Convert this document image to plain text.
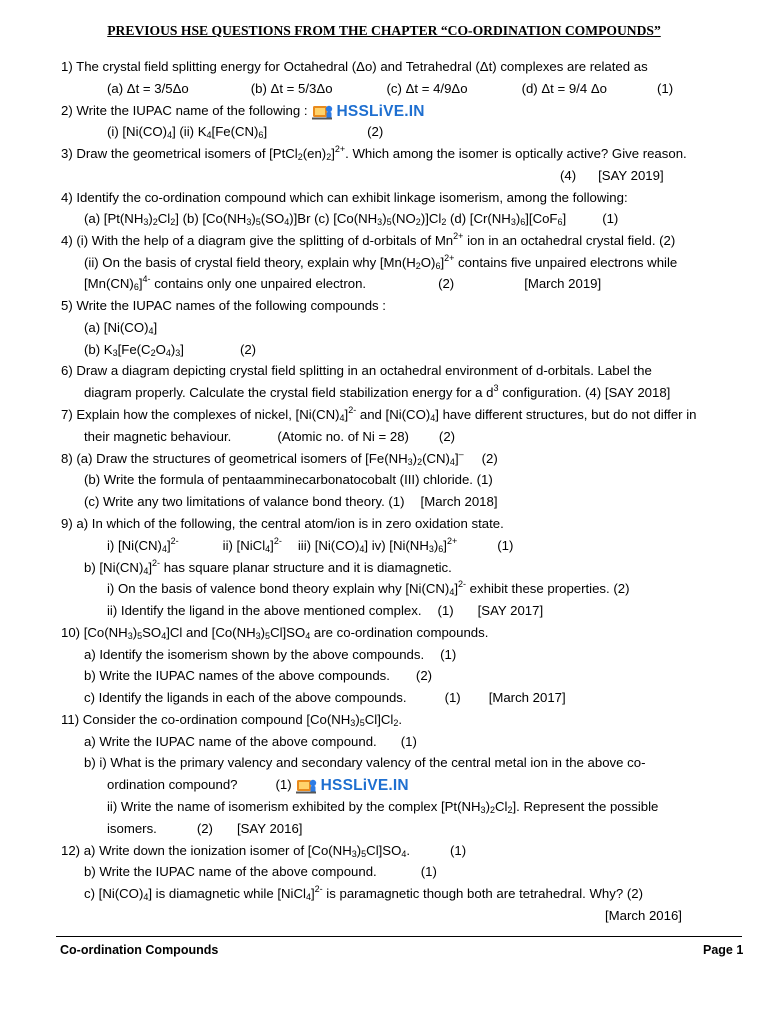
PREVIOUS HSE QUESTIONS FROM THE CHAPTER “CO-ORDINATION COMPOUNDS”
1) The crystal field splitting energy for Octahedral (Δo) and Tetrahedral (Δt) complexes are related as
(a) Δt = 3/5Δo	(b) Δt = 5/3Δo	(c) Δt = 4/9Δo	(d) Δt = 9/4 Δo	(1)
2) Write the IUPAC name of the following : HSSLiVE.IN
(i) $[Ni(CO)_4]$ (ii) $K_4[Fe(CN)_6]$	(2)
3) Draw the geometrical isomers of $[PtCl_2(en)_2]^{2+}$. Which among the isomer is optically active? Give reason.
(4) [SAY 2019]
4) Identify the co-ordination compound which can exhibit linkage isomerism, among the following:
(a) $[Pt(NH_3)_2Cl_2]$ (b) $[Co(NH_3)_5(SO_4)]Br$ (c) $[Co(NH_3)_5(NO_2)]Cl_2$ (d) $[Cr(NH_3)_6][CoF_6]$	(1)
4) (i) With the help of a diagram give the splitting of d-orbitals of $Mn^{2+}$ ion in an octahedral crystal field. (2)
(ii) On the basis of crystal field theory, explain why $[Mn(H_2O)_6]^{2+}$ contains five unpaired electrons while
$[Mn(CN)_6]^{4-}$ contains only one unpaired electron.	(2)	[March 2019]
5) Write the IUPAC names of the following compounds :
(a) $[Ni(CO)_4]$
(b) $K_3[Fe(C_2O_4)_3]$	(2)
6) Draw a diagram depicting crystal field splitting in an octahedral environment of d-orbitals. Label the
diagram properly. Calculate the crystal field stabilization energy for a $d^3$ configuration. (4) [SAY 2018]
7) Explain how the complexes of nickel, $[Ni(CN)_4]^{2-}$ and $[Ni(CO)_4]$ have different structures, but do not differ in
their magnetic behaviour.	(Atomic no. of Ni = 28) (2)
8) (a) Draw the structures of geometrical isomers of $[Fe(NH_3)_2(CN)_4]^-$ (2)
(b) Write the formula of pentaamminecarbonatocobalt (III) chloride. (1)
(c) Write any two limitations of valance bond theory. (1) [March 2018]
9) a) In which of the following, the central atom/ion is in zero oxidation state.
i) $[Ni(CN)_4]^{2-}$	ii) [NiCl$_4$]$^{2-}$ iii) $[Ni(CO)_4]$ iv) $[Ni(NH_3)_6]^{2+}$	(1)
b) $[Ni(CN)_4]^{2-}$ has square planar structure and it is diamagnetic.
i) On the basis of valence bond theory explain why $[Ni(CN)_4]^{2-}$ exhibit these properties. (2)
ii) Identify the ligand in the above mentioned complex. (1) [SAY 2017]
10) $[Co(NH_3)_5SO_4]Cl$ and $[Co(NH_3)_5Cl]SO_4$ are co-ordination compounds.
a) Identify the isomerism shown by the above compounds. (1)
b) Write the IUPAC names of the above compounds. (2)
c) Identify the ligands in each of the above compounds.	(1) [March 2017]
11) Consider the co-ordination compound $[Co(NH_3)_5Cl]Cl_2$.
a) Write the IUPAC name of the above compound. (1)
b) i) What is the primary valency and secondary valency of the central metal ion in the above co-
ordination compound?	(1) HSSLiVE.IN
ii) Write the name of isomerism exhibited by the complex $[Pt(NH_3)_2Cl_2]$. Represent the possible
isomers.	(2) [SAY 2016]
12) a) Write down the ionization isomer of $[Co(NH_3)_5Cl]SO_4$.	(1)
b) Write the IUPAC name of the above compound.	(1)
c) $[Ni(CO)_4]$ is diamagnetic while [NiCl$_4$]$^{2-}$ is paramagnetic though both are tetrahedral. Why? (2)
[March 2016]
Co-ordination Compounds	Page 1
